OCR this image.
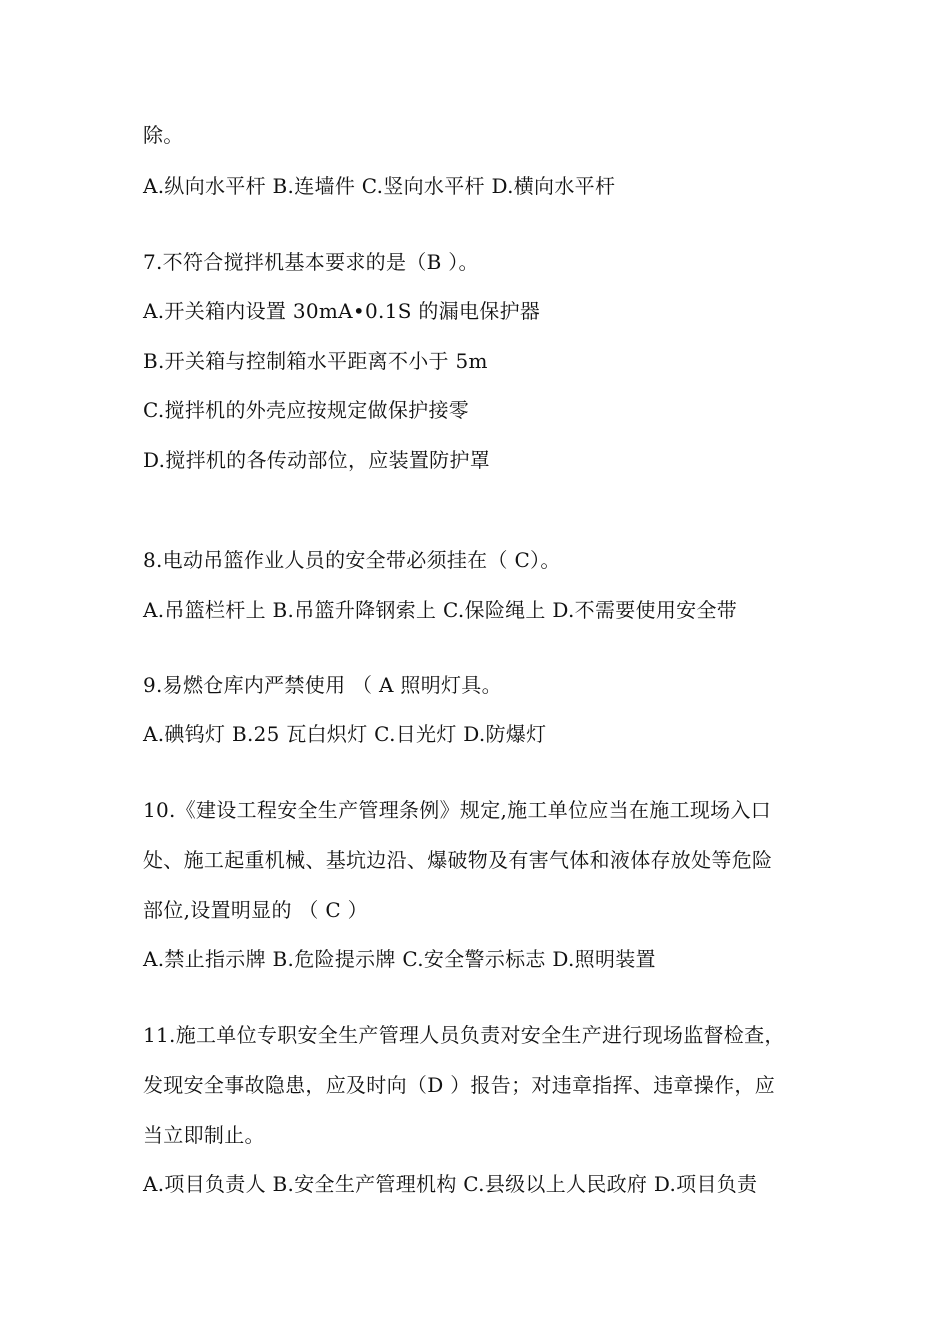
除。
A.纵向水平杆 B.连墙件 C.竖向水平杆 D.横向水平杆
7.不符合搅拌机基本要求的是（B ）。
A.开关箱内设置 30mA•0.1S 的漏电保护器
B.开关箱与控制箱水平距离不小于 5m
C.搅拌机的外壳应按规定做保护接零
D.搅拌机的各传动部位，应装置防护罩
8.电动吊篮作业人员的安全带必须挂在（ C）。
A.吊篮栏杆上 B.吊篮升降钢索上 C.保险绳上 D.不需要使用安全带
9.易燃仓库内严禁使用 （ A 照明灯具。
A.碘钨灯 B.25 瓦白炽灯 C.日光灯 D.防爆灯
10.《建设工程安全生产管理条例》规定,施工单位应当在施工现场入口
处、施工起重机械、基坑边沿、爆破物及有害气体和液体存放处等危险
部位,设置明显的 （ C ）
A.禁止指示牌 B.危险提示牌 C.安全警示标志 D.照明装置
11.施工单位专职安全生产管理人员负责对安全生产进行现场监督检查，
发现安全事故隐患，应及时向（D ）报告；对违章指挥、违章操作，应
当立即制止。
A.项目负责人 B.安全生产管理机构 C.县级以上人民政府 D.项目负责
